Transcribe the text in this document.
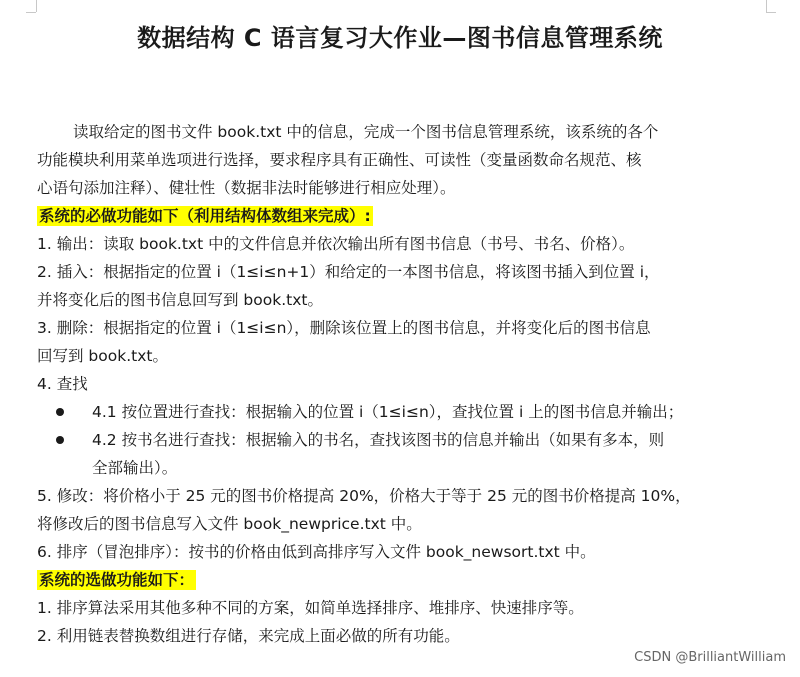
数据结构 C 语言复习大作业—图书信息管理系统
读取给定的图书文件 book.txt 中的信息，完成一个图书信息管理系统，该系统的各个
功能模块利用菜单选项进行选择，要求程序具有正确性、可读性（变量函数命名规范、核
心语句添加注释）、健壮性（数据非法时能够进行相应处理）。
系统的必做功能如下（利用结构体数组来完成）:
1. 输出：读取 book.txt 中的文件信息并依次输出所有图书信息（书号、书名、价格）。
2. 插入：根据指定的位置 i（1≤i≤n+1）和给定的一本图书信息，将该图书插入到位置 i，
并将变化后的图书信息回写到 book.txt。
3. 删除：根据指定的位置 i（1≤i≤n），删除该位置上的图书信息，并将变化后的图书信息
回写到 book.txt。
4. 查找
4.1 按位置进行查找：根据输入的位置 i（1≤i≤n），查找位置 i 上的图书信息并输出；
4.2 按书名进行查找：根据输入的书名，查找该图书的信息并输出（如果有多本，则
全部输出）。
5. 修改：将价格小于 25 元的图书价格提高 20%，价格大于等于 25 元的图书价格提高 10%，
将修改后的图书信息写入文件 book_newprice.txt 中。
6. 排序（冒泡排序）：按书的价格由低到高排序写入文件 book_newsort.txt 中。
系统的选做功能如下：
1. 排序算法采用其他多种不同的方案，如简单选择排序、堆排序、快速排序等。
2. 利用链表替换数组进行存储，来完成上面必做的所有功能。
CSDN @BrilliantWilliam
